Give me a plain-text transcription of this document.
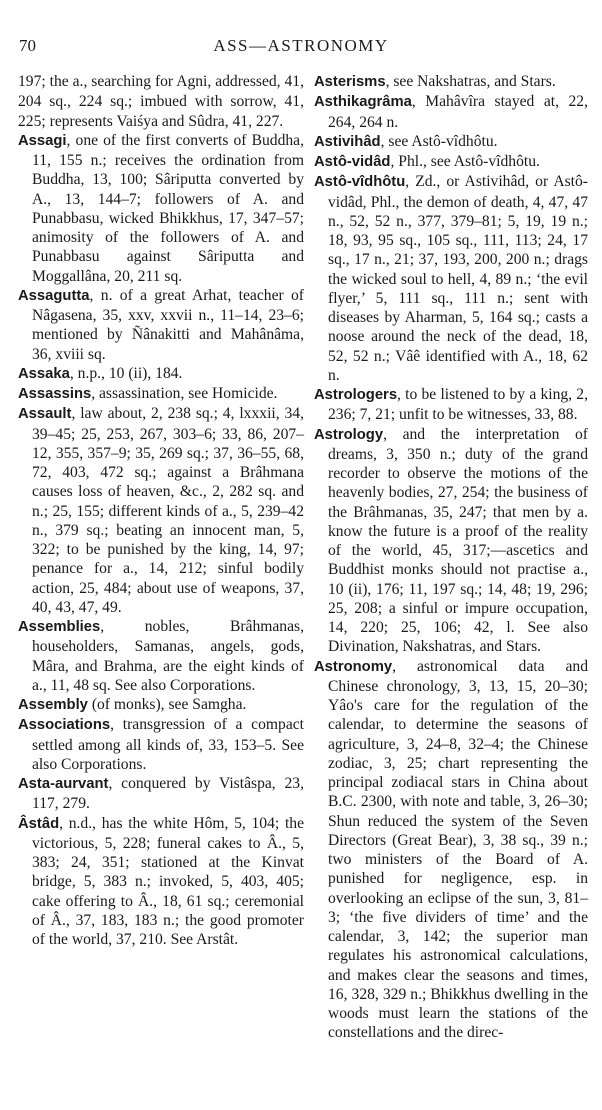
70	ASS—ASTRONOMY

197; the a., searching for Agni, addressed, 41, 204 sq., 224 sq.; imbued with sorrow, 41, 225; represents Vaiśya and Sûdra, 41, 227.

Assagi, one of the first converts of Buddha, 11, 155 n.; receives the ordination from Buddha, 13, 100; Sâriputta converted by A., 13, 144–7; followers of A. and Punabbasu, wicked Bhikkhus, 17, 347–57; animosity of the followers of A. and Punabbasu against Sâriputta and Moggallâna, 20, 211 sq.

Assagutta, n. of a great Arhat, teacher of Nâgasena, 35, xxv, xxvii n., 11–14, 23–6; mentioned by Ñânakitti and Mahânâma, 36, xviii sq.

Assaka, n.p., 10 (ii), 184.

Assassins, assassination, see Homicide.

Assault, law about, 2, 238 sq.; 4, lxxxii, 34, 39–45; 25, 253, 267, 303–6; 33, 86, 207–12, 355, 357–9; 35, 269 sq.; 37, 36–55, 68, 72, 403, 472 sq.; against a Brâhmana causes loss of heaven, &c., 2, 282 sq. and n.; 25, 155; different kinds of a., 5, 239–42 n., 379 sq.; beating an innocent man, 5, 322; to be punished by the king, 14, 97; penance for a., 14, 212; sinful bodily action, 25, 484; about use of weapons, 37, 40, 43, 47, 49.

Assemblies, nobles, Brâhmanas, householders, Samanas, angels, gods, Mâra, and Brahma, are the eight kinds of a., 11, 48 sq. See also Corporations.

Assembly (of monks), see Samgha.

Associations, transgression of a compact settled among all kinds of, 33, 153–5. See also Corporations.

Asta-aurvant, conquered by Vistâspa, 23, 117, 279.

Âstâd, n.d., has the white Hôm, 5, 104; the victorious, 5, 228; funeral cakes to Â., 5, 383; 24, 351; stationed at the Kinvat bridge, 5, 383 n.; invoked, 5, 403, 405; cake offering to Â., 18, 61 sq.; ceremonial of Â., 37, 183, 183 n.; the good promoter of the world, 37, 210. See Arstât.

Asterisms, see Nakshatras, and Stars.

Asthikagrâma, Mahâvîra stayed at, 22, 264, 264 n.

Astivihâd, see Astô-vîdhôtu.

Astô-vidâd, Phl., see Astô-vîdhôtu.

Astô-vîdhôtu, Zd., or Astivihâd, or Astô-vidâd, Phl., the demon of death, 4, 47, 47 n., 52, 52 n., 377, 379–81; 5, 19, 19 n.; 18, 93, 95 sq., 105 sq., 111, 113; 24, 17 sq., 17 n., 21; 37, 193, 200, 200 n.; drags the wicked soul to hell, 4, 89 n.; ‘the evil flyer,’ 5, 111 sq., 111 n.; sent with diseases by Aharman, 5, 164 sq.; casts a noose around the neck of the dead, 18, 52, 52 n.; Vâê identified with A., 18, 62 n.

Astrologers, to be listened to by a king, 2, 236; 7, 21; unfit to be witnesses, 33, 88.

Astrology, and the interpretation of dreams, 3, 350 n.; duty of the grand recorder to observe the motions of the heavenly bodies, 27, 254; the business of the Brâhmanas, 35, 247; that men by a. know the future is a proof of the reality of the world, 45, 317;—ascetics and Buddhist monks should not practise a., 10 (ii), 176; 11, 197 sq.; 14, 48; 19, 296; 25, 208; a sinful or impure occupation, 14, 220; 25, 106; 42, l. See also Divination, Nakshatras, and Stars.

Astronomy, astronomical data and Chinese chronology, 3, 13, 15, 20–30; Yâo's care for the regulation of the calendar, to determine the seasons of agriculture, 3, 24–8, 32–4; the Chinese zodiac, 3, 25; chart representing the principal zodiacal stars in China about B.C. 2300, with note and table, 3, 26–30; Shun reduced the system of the Seven Directors (Great Bear), 3, 38 sq., 39 n.; two ministers of the Board of A. punished for negligence, esp. in overlooking an eclipse of the sun, 3, 81–3; ‘the five dividers of time’ and the calendar, 3, 142; the superior man regulates his astronomical calculations, and makes clear the seasons and times, 16, 328, 329 n.; Bhikkhus dwelling in the woods must learn the stations of the constellations and the direc-
